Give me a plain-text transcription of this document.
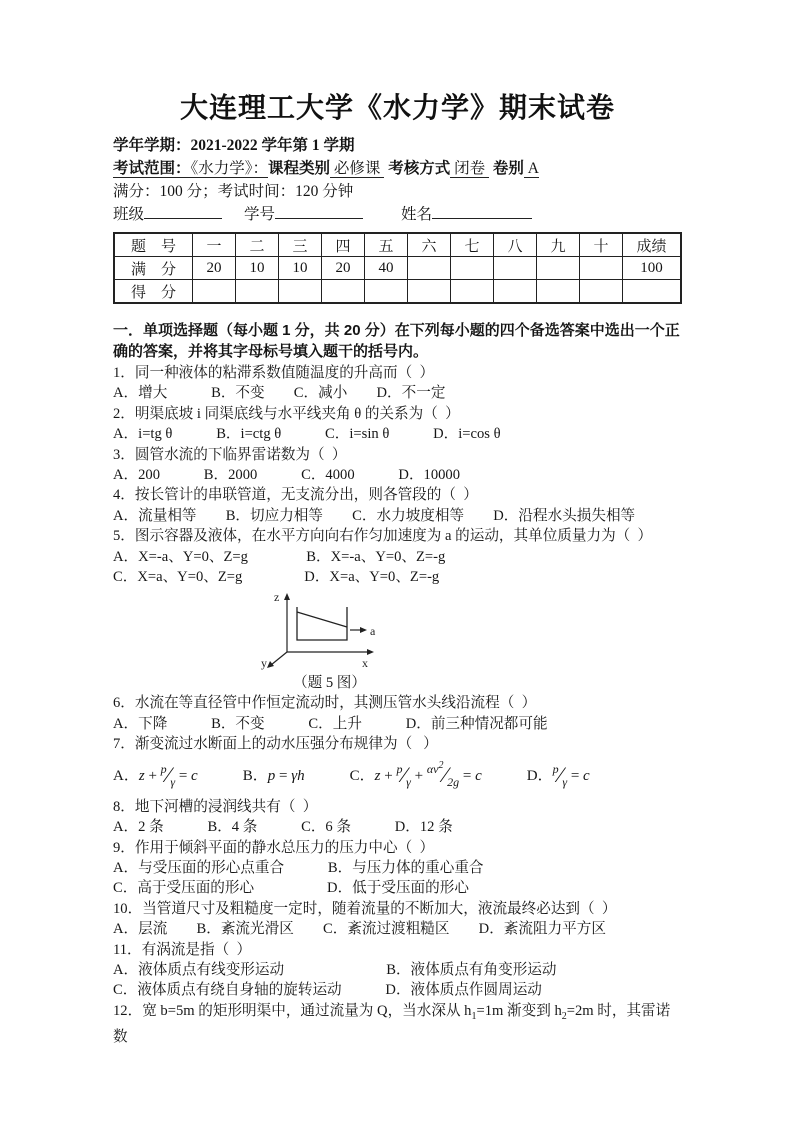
大连理工大学《水力学》期末试卷
学年学期：2021-2022 学年第 1 学期
考试范围：《水力学》：课程类别 必修课  考核方式 闭卷  卷别 A
满分：100 分；考试时间：120 分钟
班级	学号	姓名
题　号	一	二	三	四	五	六	七	八	九	十	成绩
满　分	20	10	10	20	40						100
得　分											
一．单项选择题（每小题 1 分，共 20 分）在下列每小题的四个备选答案中选出一个正确的答案，并将其字母标号填入题干的括号内。

1．同一种液体的粘滞系数值随温度的升高而（  ）

A．增大　　　B．不变　　C．减小　　D．不一定

2．明渠底坡 i 同渠底线与水平线夹角 θ 的关系为（  ）

A．i=tg θ　　　B．i=ctg θ　　　C．i=sin θ　　　D．i=cos θ

3．圆管水流的下临界雷诺数为（  ）

A．200　　　B．2000　　　C．4000　　　D．10000

4．按长管计的串联管道，无支流分出，则各管段的（  ）

A．流量相等　　B．切应力相等　　C．水力坡度相等　　D．沿程水头损失相等

5．图示容器及液体，在水平方向向右作匀加速度为 a 的运动，其单位质量力为（  ）

A．X=-a、Y=0、Z=g　　　　B．X=-a、Y=0、Z=-g

C．X=a、Y=0、Z=g　　　　 D．X=a、Y=0、Z=-g

z
x
y
a

（题 5 图）

6．水流在等直径管中作恒定流动时，其测压管水头线沿流程（  ）

A．下降　　　B．不变　　　C．上升　　　D．前三种情况都可能

7．渐变流过水断面上的动水压强分布规律为（   ）

A．$z + ^p⁄_\gamma = c$　　　B．p = γh　　　C．$z + ^p⁄_\gamma$ + $^{\alpha v^2}⁄_{2g} = c$　　　D．$^p⁄_\gamma = c$

8．地下河槽的浸润线共有（  ）

A．2 条　　　B．4 条　　　C．6 条　　　D．12 条

9．作用于倾斜平面的静水总压力的压力中心（  ）

A．与受压面的形心点重合　　　B．与压力体的重心重合

C．高于受压面的形心　　　　　D．低于受压面的形心

10．当管道尺寸及粗糙度一定时，随着流量的不断加大，液流最终必达到（  ）

A．层流　　B．紊流光滑区　　C．紊流过渡粗糙区　　D．紊流阻力平方区

11．有涡流是指（  ）

A．液体质点有线变形运动　　　　　　　B．液体质点有角变形运动

C．液体质点有绕自身轴的旋转运动　　　D．液体质点作圆周运动

12．宽 b=5m 的矩形明渠中，通过流量为 Q，当水深从 $h_1=1m$ 渐变到 $h_2=2m$ 时，其雷诺数
